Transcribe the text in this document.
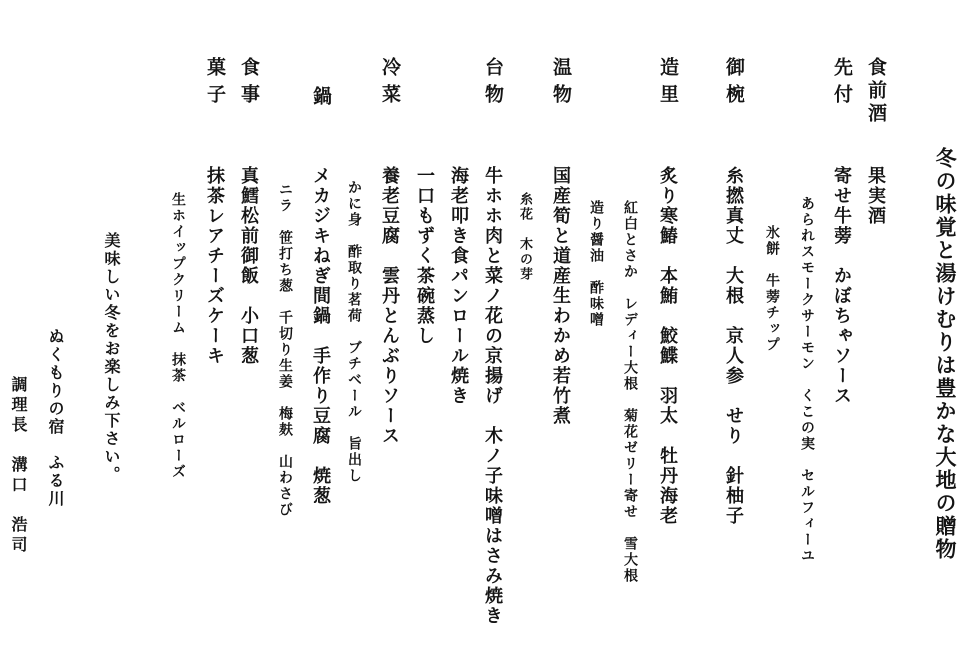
冬の味覚と湯けむりは豊かな大地の贈物
食前酒
果実酒
先付
寄せ牛蒡　かぼちゃソース
あられスモークサーモン　くこの実　セルフィーユ
氷餅　牛蒡チップ
御椀
糸撚真丈　大根　京人参　せり　針柚子
造里
炙り寒鰆　本鮪　鮫鰈　羽太　牡丹海老
紅白とさか　レディー大根　菊花ゼリー寄せ　雪大根
造り醤油　酢味噌
温物
国産筍と道産生わかめ若竹煮
糸花　木の芽
台物
牛ホホ肉と菜ノ花の京揚げ　木ノ子味噌はさみ焼き
海老叩き食パンロール焼き
一口もずく茶碗蒸し
冷菜
養老豆腐　雲丹とんぶりソース
かに身　酢取り茗荷　ブチベール　旨出し
鍋
メカジキねぎ間鍋　手作り豆腐　焼葱
ニラ　笹打ち葱　千切り生姜　梅麸　山わさび
食事
真鱈松前御飯　小口葱
菓子
抹茶レアチーズケーキ
生ホイップクリーム　抹茶　ベルローズ
美味しい冬をお楽しみ下さい。
ぬくもりの宿　ふる川
調理長　溝口　浩司
